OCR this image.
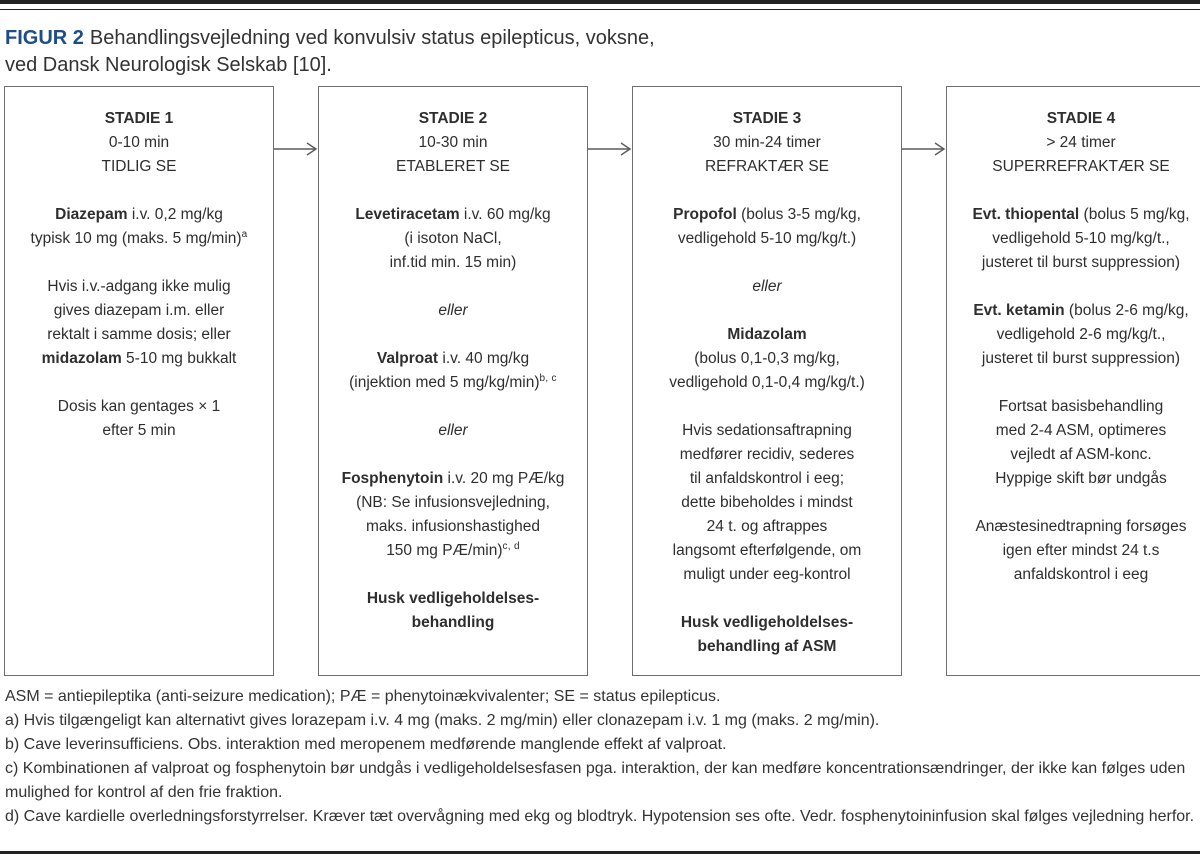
FIGUR 2 Behandlingsvejledning ved konvulsiv status epilepticus, voksne,
ved Dansk Neurologisk Selskab [10].
STADIE 1
0-10 min
TIDLIG SE

Diazepam i.v. 0,2 mg/kg
typisk 10 mg (maks. 5 mg/min)$^a$

Hvis i.v.-adgang ikke mulig
gives diazepam i.m. eller
rektalt i samme dosis; eller
midazolam 5-10 mg bukkalt

Dosis kan gentages × 1
efter 5 min
STADIE 2
10-30 min
ETABLERET SE

Levetiracetam i.v. 60 mg/kg
(i isoton NaCl,
inf.tid min. 15 min)

eller

Valproat i.v. 40 mg/kg
(injektion med 5 mg/kg/min)$^{b, c}$

eller

Fosphenytoin i.v. 20 mg PÆ/kg
(NB: Se infusionsvejledning,
maks. infusionshastighed
150 mg PÆ/min)$^{c, d}$

Husk vedligeholdelses-
behandling
STADIE 3
30 min-24 timer
REFRAKTÆR SE

Propofol (bolus 3-5 mg/kg,
vedligehold 5-10 mg/kg/t.)

eller

Midazolam
(bolus 0,1-0,3 mg/kg,
vedligehold 0,1-0,4 mg/kg/t.)

Hvis sedationsaftrapning
medfører recidiv, sederes
til anfaldskontrol i eeg;
dette bibeholdes i mindst
24 t. og aftrappes
langsomt efterfølgende, om
muligt under eeg-kontrol

Husk vedligeholdelses-
behandling af ASM
STADIE 4
> 24 timer
SUPERREFRAKTÆR SE

Evt. thiopental (bolus 5 mg/kg,
vedligehold 5-10 mg/kg/t.,
justeret til burst suppression)

Evt. ketamin (bolus 2-6 mg/kg,
vedligehold 2-6 mg/kg/t.,
justeret til burst suppression)

Fortsat basisbehandling
med 2-4 ASM, optimeres
vejledt af ASM-konc.
Hyppige skift bør undgås

Anæstesinedtrapning forsøges
igen efter mindst 24 t.s
anfaldskontrol i eeg
ASM = antiepileptika (anti-seizure medication); PÆ = phenytoinækvivalenter; SE = status epilepticus.
a) Hvis tilgængeligt kan alternativt gives lorazepam i.v. 4 mg (maks. 2 mg/min) eller clonazepam i.v. 1 mg (maks. 2 mg/min).
b) Cave leverinsufficiens. Obs. interaktion med meropenem medførende manglende effekt af valproat.
c) Kombinationen af valproat og fosphenytoin bør undgås i vedligeholdelsesfasen pga. interaktion, der kan medføre koncentrationsændringer, der ikke kan følges uden mulighed for kontrol af den frie fraktion.
d) Cave kardielle overledningsforstyrrelser. Kræver tæt overvågning med ekg og blodtryk. Hypotension ses ofte. Vedr. fosphenytoininfusion skal følges vejledning herfor.
